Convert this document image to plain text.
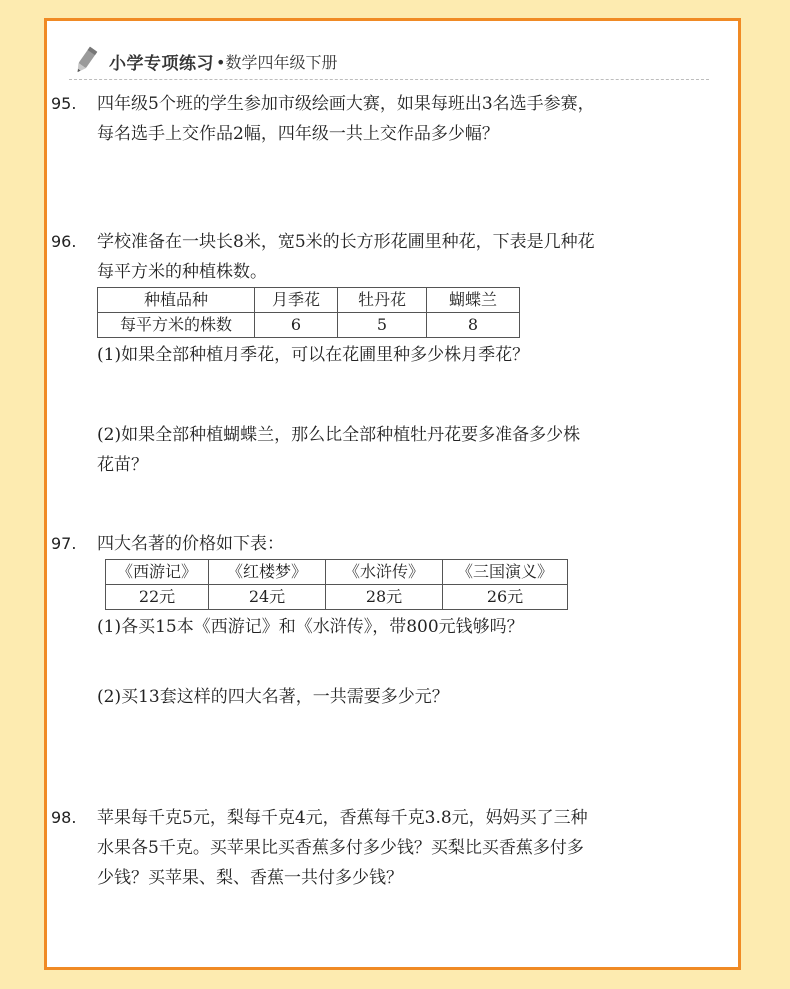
小学专项练习 •数学四年级下册
95. 四年级5个班的学生参加市级绘画大赛，如果每班出3名选手参赛，

每名选手上交作品2幅，四年级一共上交作品多少幅？

96. 学校准备在一块长8米，宽5米的长方形花圃里种花，下表是几种花

每平方米的种植株数。

种植品种	月季花	牡丹花	蝴蝶兰
每平方米的株数	6	5	8

(1)如果全部种植月季花，可以在花圃里种多少株月季花？

(2)如果全部种植蝴蝶兰，那么比全部种植牡丹花要多准备多少株

花苗？

97. 四大名著的价格如下表：

《西游记》	《红楼梦》	《水浒传》	《三国演义》
22元	24元	28元	26元

(1)各买15本《西游记》和《水浒传》，带800元钱够吗？

(2)买13套这样的四大名著，一共需要多少元？

98. 苹果每千克5元，梨每千克4元，香蕉每千克3.8元，妈妈买了三种

水果各5千克。买苹果比买香蕉多付多少钱？买梨比买香蕉多付多

少钱？买苹果、梨、香蕉一共付多少钱？
